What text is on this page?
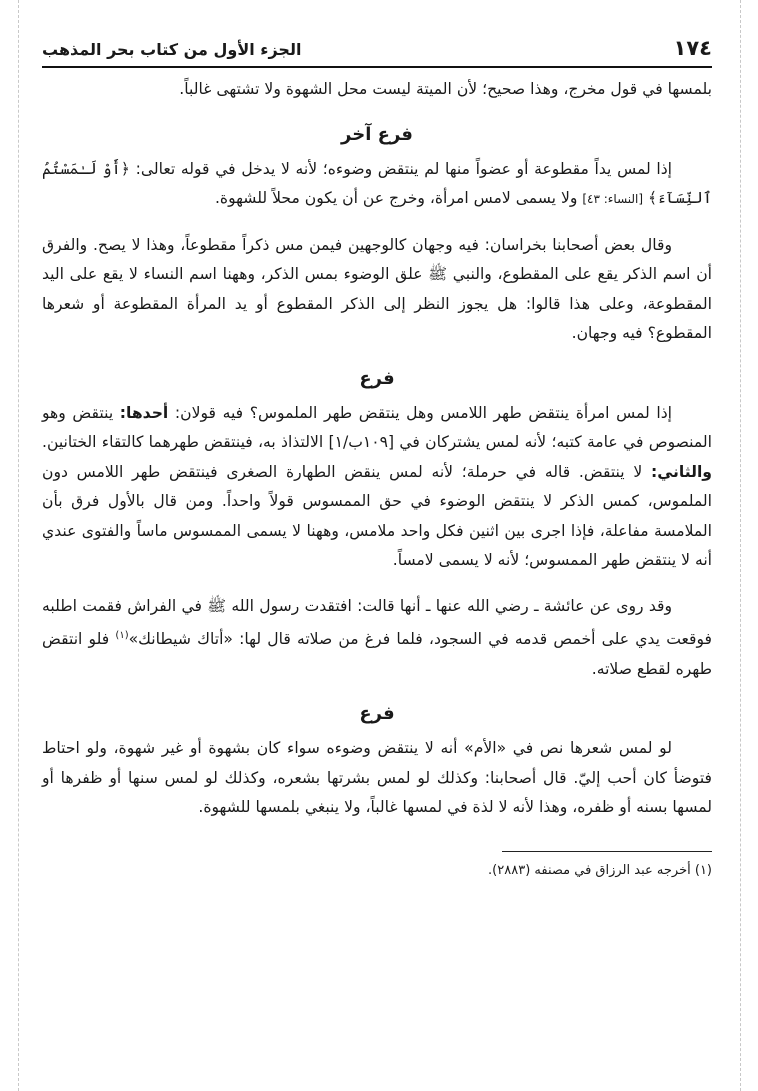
١٧٤
الجزء الأول من كتاب بحر المذهب

بلمسها في قول مخرج، وهذا صحيح؛ لأن الميتة ليست محل الشهوة ولا تشتهى غالباً.

فرع آخر

إذا لمس يداً مقطوعة أو عضواً منها لم ينتقض وضوءه؛ لأنه لا يدخل في قوله تعالى: ﴿أَوْ لَـٰمَسْتُمُ ٱلنِّسَآءَ﴾ [النساء: ٤٣] ولا يسمى لامس امرأة، وخرج عن أن يكون محلاً للشهوة.

وقال بعض أصحابنا بخراسان: فيه وجهان كالوجهين فيمن مس ذكراً مقطوعاً، وهذا لا يصح. والفرق أن اسم الذكر يقع على المقطوع، والنبي ﷺ علق الوضوء بمس الذكر، وههنا اسم النساء لا يقع على اليد المقطوعة، وعلى هذا قالوا: هل يجوز النظر إلى الذكر المقطوع أو يد المرأة المقطوعة أو شعرها المقطوع؟ فيه وجهان.

فرع

إذا لمس امرأة ينتقض طهر اللامس وهل ينتقض طهر الملموس؟ فيه قولان: أحدها: ينتقض وهو المنصوص في عامة كتبه؛ لأنه لمس يشتركان في [١٠٩ب/١] الالتذاذ به، فينتقض طهرهما كالتقاء الختانين. والثاني: لا ينتقض. قاله في حرملة؛ لأنه لمس ينقض الطهارة الصغرى فينتقض طهر اللامس دون الملموس، كمس الذكر لا ينتقض الوضوء في حق الممسوس قولاً واحداً. ومن قال بالأول فرق بأن الملامسة مفاعلة، فإذا اجرى بين اثنين فكل واحد ملامس، وههنا لا يسمى الممسوس ماساً والفتوى عندي أنه لا ينتقض طهر الممسوس؛ لأنه لا يسمى لامساً.

وقد روى عن عائشة ـ رضي الله عنها ـ أنها قالت: افتقدت رسول الله ﷺ في الفراش فقمت اطلبه فوقعت يدي على أخمص قدمه في السجود، فلما فرغ من صلاته قال لها: «أتاك شيطانك»$^{(١)}$ فلو انتقض طهره لقطع صلاته.

فرع

لو لمس شعرها نص في «الأم» أنه لا ينتقض وضوءه سواء كان بشهوة أو غير شهوة، ولو احتاط فتوضأ كان أحب إليّ. قال أصحابنا: وكذلك لو لمس بشرتها بشعره، وكذلك لو لمس سنها أو ظفرها أو لمسها بسنه أو ظفره، وهذا لأنه لا لذة في لمسها غالباً، ولا ينبغي بلمسها للشهوة.

(١) أخرجه عبد الرزاق في مصنفه (٢٨٨٣).
